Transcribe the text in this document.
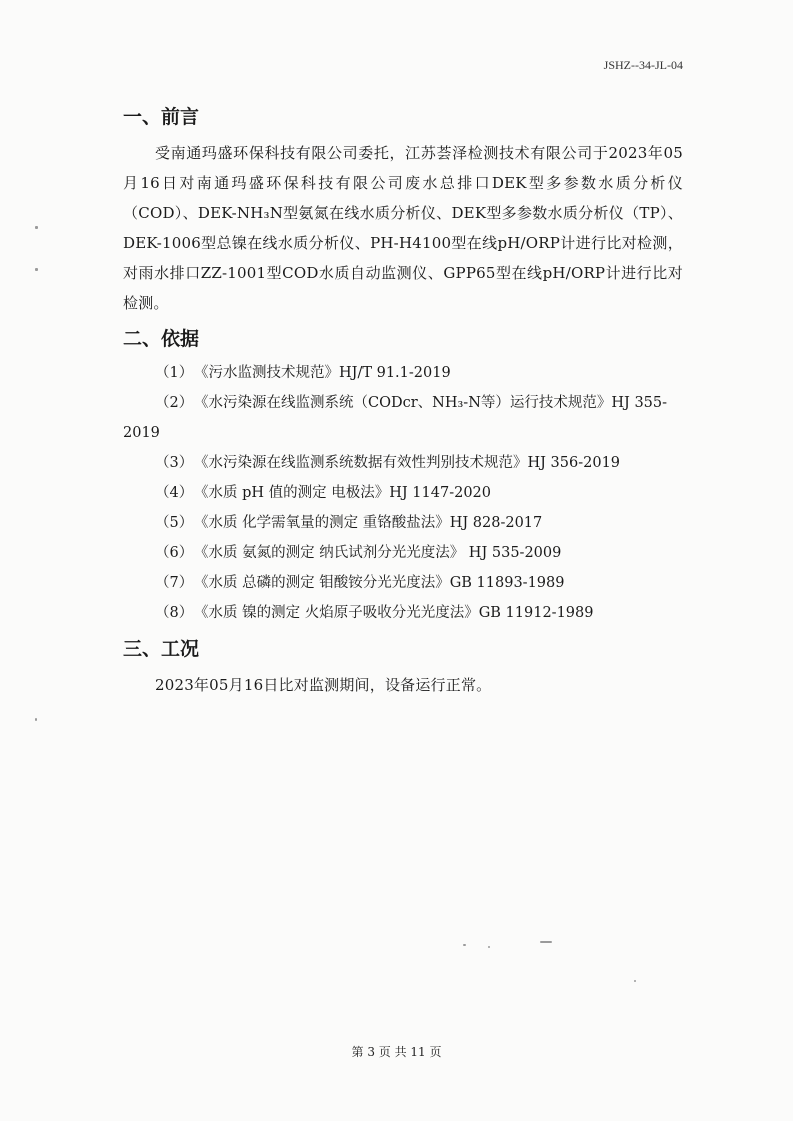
JSHZ--34-JL-04
一、前言

受南通玛盛环保科技有限公司委托，江苏荟泽检测技术有限公司于2023年05月16日对南通玛盛环保科技有限公司废水总排口DEK型多参数水质分析仪（COD）、DEK-NH₃N型氨氮在线水质分析仪、DEK型多参数水质分析仪（TP）、DEK-1006型总镍在线水质分析仪、PH-H4100型在线pH/ORP计进行比对检测，对雨水排口ZZ-1001型COD水质自动监测仪、GPP65型在线pH/ORP计进行比对检测。

二、依据
（1） 《污水监测技术规范》HJ/T 91.1-2019
（2） 《水污染源在线监测系统（CODcr、NH₃-N等）运行技术规范》HJ 355-2019
（3） 《水污染源在线监测系统数据有效性判别技术规范》HJ 356-2019
（4） 《水质 pH 值的测定 电极法》HJ 1147-2020
（5） 《水质 化学需氧量的测定 重铬酸盐法》HJ 828-2017
（6） 《水质 氨氮的测定 纳氏试剂分光光度法》 HJ 535-2009
（7） 《水质 总磷的测定 钼酸铵分光光度法》GB 11893-1989
（8） 《水质 镍的测定 火焰原子吸收分光光度法》GB 11912-1989
三、工况

2023年05月16日比对监测期间，设备运行正常。

第 3 页 共 11 页
